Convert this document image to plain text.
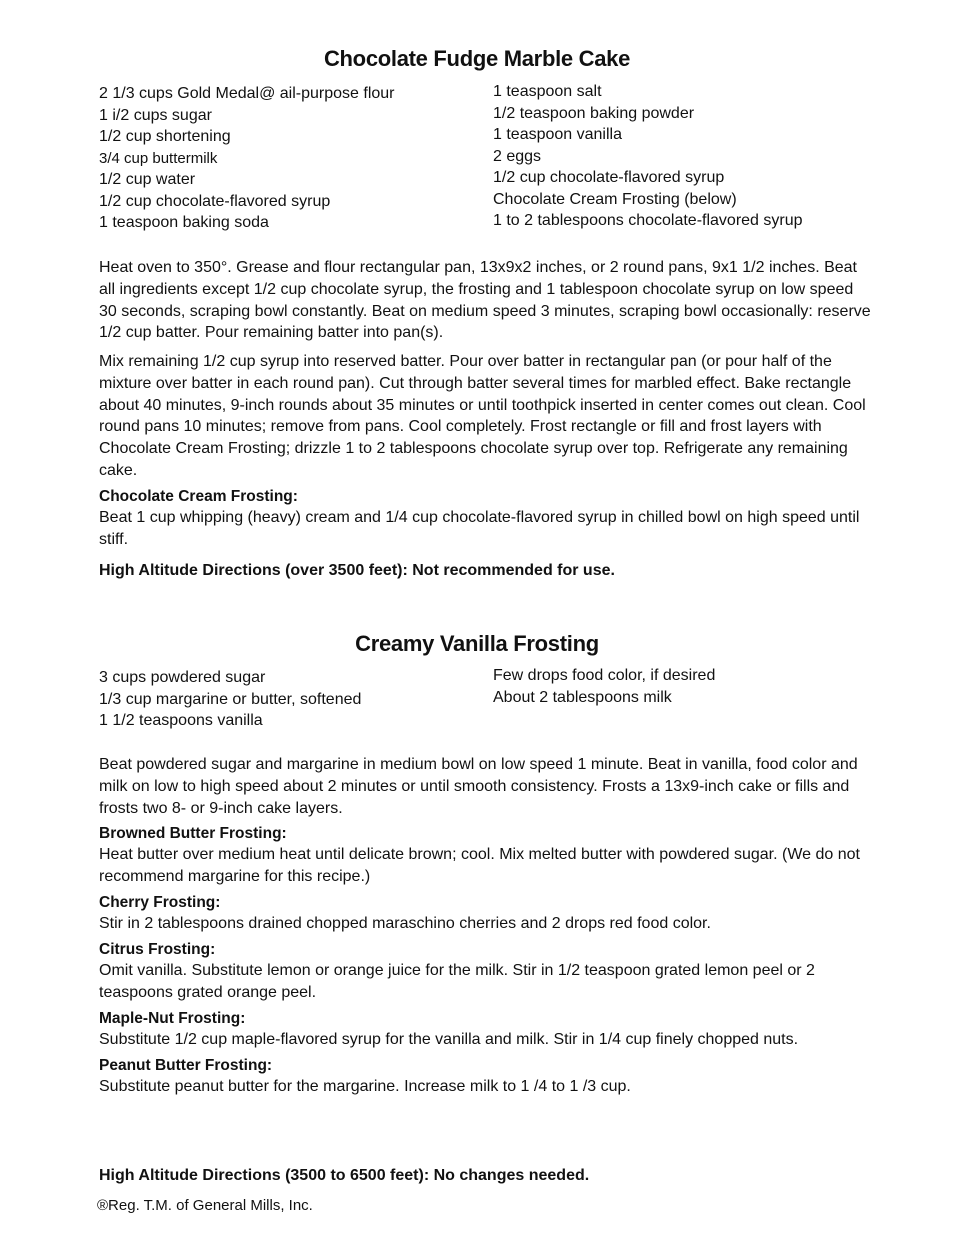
Chocolate Fudge Marble Cake
2 1/3 cups Gold Medal@ ail-purpose flour
1 i/2 cups sugar
1/2 cup shortening
3/4 cup buttermilk
1/2 cup water
1/2 cup chocolate-flavored syrup
1 teaspoon baking soda
1 teaspoon salt
1/2 teaspoon baking powder
1 teaspoon vanilla
2 eggs
1/2 cup chocolate-flavored syrup
Chocolate Cream Frosting (below)
1 to 2 tablespoons chocolate-flavored syrup
Heat oven to 350°. Grease and flour rectangular pan, 13x9x2 inches, or 2 round pans, 9x1 1/2 inches. Beat all ingredients except 1/2 cup chocolate syrup, the frosting and 1 tablespoon chocolate syrup on low speed 30 seconds, scraping bowl constantly. Beat on medium speed 3 minutes, scraping bowl occasionally: reserve 1/2 cup batter. Pour remaining batter into pan(s).
Mix remaining 1/2 cup syrup into reserved batter. Pour over batter in rectangular pan (or pour half of the mixture over batter in each round pan). Cut through batter several times for marbled effect. Bake rectangle about 40 minutes, 9-inch rounds about 35 minutes or until toothpick inserted in center comes out clean. Cool round pans 10 minutes; remove from pans. Cool completely. Frost rectangle or fill and frost layers with Chocolate Cream Frosting; drizzle 1 to 2 tablespoons chocolate syrup over top. Refrigerate any remaining cake.
Chocolate Cream Frosting:
Beat 1 cup whipping (heavy) cream and 1/4 cup chocolate-flavored syrup in chilled bowl on high speed until stiff.
High Altitude Directions (over 3500 feet): Not recommended for use.
Creamy Vanilla Frosting
3 cups powdered sugar
1/3 cup margarine or butter, softened
1 1/2 teaspoons vanilla
Few drops food color, if desired
About 2 tablespoons milk
Beat powdered sugar and margarine in medium bowl on low speed 1 minute. Beat in vanilla, food color and milk on low to high speed about 2 minutes or until smooth consistency. Frosts a 13x9-inch cake or fills and frosts two 8- or 9-inch cake layers.
Browned Butter Frosting:
Heat butter over medium heat until delicate brown; cool. Mix melted butter with powdered sugar. (We do not recommend margarine for this recipe.)
Cherry Frosting:
Stir in 2 tablespoons drained chopped maraschino cherries and 2 drops red food color.
Citrus Frosting:
Omit vanilla. Substitute lemon or orange juice for the milk. Stir in 1/2 teaspoon grated lemon peel or 2 teaspoons grated orange peel.
Maple-Nut Frosting:
Substitute 1/2 cup maple-flavored syrup for the vanilla and milk. Stir in 1/4 cup finely chopped nuts.
Peanut Butter Frosting:
Substitute peanut butter for the margarine. Increase milk to 1 /4 to 1 /3 cup.
High Altitude Directions (3500 to 6500 feet): No changes needed.
®Reg. T.M. of General Mills, Inc.
